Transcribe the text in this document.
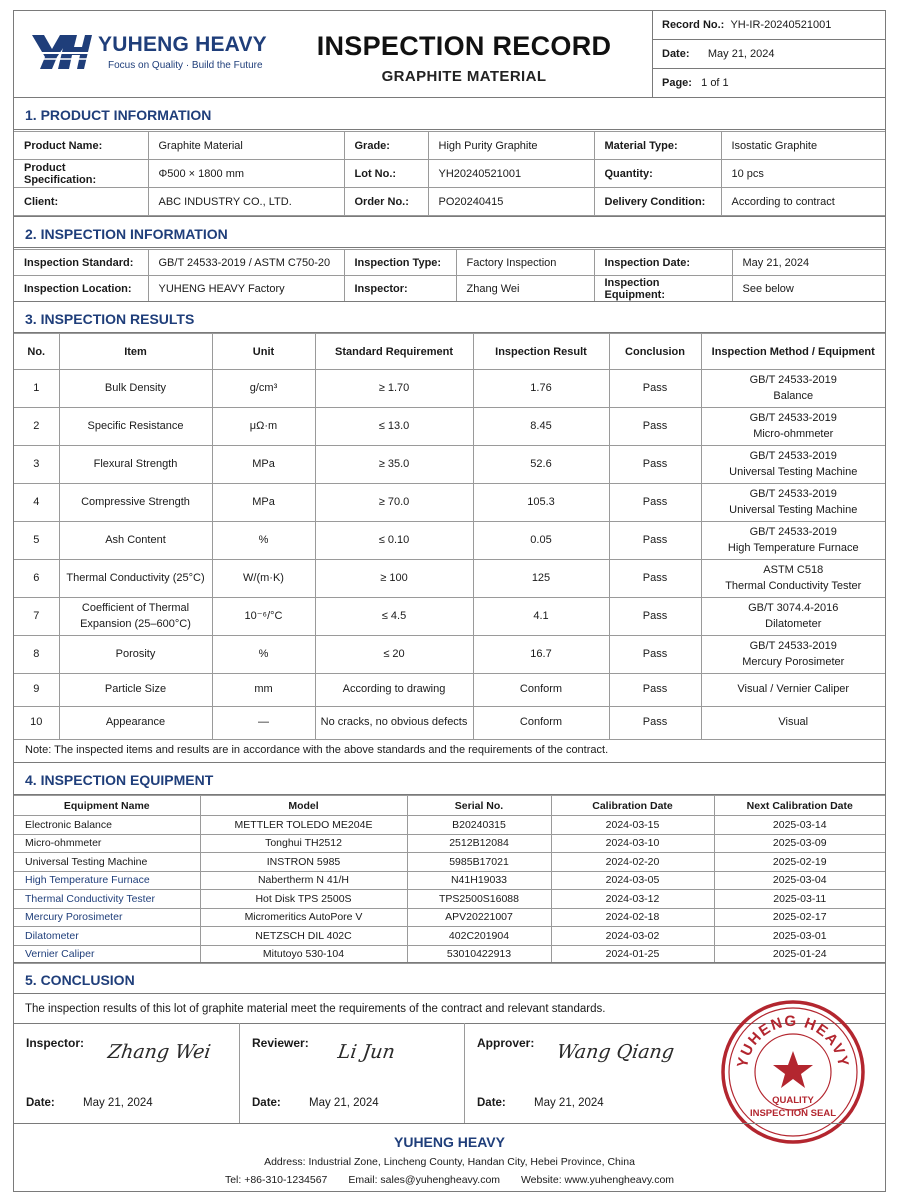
YUHENG HEAVY
Focus on Quality · Build the Future
INSPECTION RECORD
GRAPHITE MATERIAL
Record No.: YH-IR-20240521001
Date: May 21, 2024
Page: 1 of 1
1. PRODUCT INFORMATION
Product Name:	Graphite Material	Grade:	High Purity Graphite	Material Type:	Isostatic Graphite
Product Specification:	Φ500 × 1800 mm	Lot No.:	YH20240521001	Quantity:	10 pcs
Client:	ABC INDUSTRY CO., LTD.	Order No.:	PO20240415	Delivery Condition:	According to contract
2. INSPECTION INFORMATION
Inspection Standard:	GB/T 24533-2019 / ASTM C750-20	Inspection Type:	Factory Inspection	Inspection Date:	May 21, 2024
Inspection Location:	YUHENG HEAVY Factory	Inspector:	Zhang Wei	Inspection Equipment:	See below
3. INSPECTION RESULTS
No.	Item	Unit	Standard Requirement	Inspection Result	Conclusion	Inspection Method / Equipment
1	Bulk Density	g/cm³	≥ 1.70	1.76	Pass	GB/T 24533-2019
Balance

2	Specific Resistance	μΩ·m	≤ 13.0	8.45	Pass	GB/T 24533-2019
Micro-ohmmeter

3	Flexural Strength	MPa	≥ 35.0	52.6	Pass	GB/T 24533-2019
Universal Testing Machine

4	Compressive Strength	MPa	≥ 70.0	105.3	Pass	GB/T 24533-2019
Universal Testing Machine

5	Ash Content	%	≤ 0.10	0.05	Pass	GB/T 24533-2019
High Temperature Furnace

6	Thermal Conductivity (25°C)	W/(m·K)	≥ 100	125	Pass	ASTM C518
Thermal Conductivity Tester

7	Coefficient of Thermal Expansion (25–600°C)	10⁻⁶/°C	≤ 4.5	4.1	Pass	GB/T 3074.4-2016
Dilatometer

8	Porosity	%	≤ 20	16.7	Pass	GB/T 24533-2019
Mercury Porosimeter

9	Particle Size	mm	According to drawing	Conform	Pass	Visual / Vernier Caliper

10	Appearance	—	No cracks, no obvious defects	Conform	Pass	Visual
Note: The inspected items and results are in accordance with the above standards and the requirements of the contract.
4. INSPECTION EQUIPMENT
Equipment Name	Model	Serial No.	Calibration Date	Next Calibration Date
Electronic Balance	METTLER TOLEDO ME204E	B20240315	2024-03-15	2025-03-14
Micro-ohmmeter	Tonghui TH2512	2512B12084	2024-03-10	2025-03-09
Universal Testing Machine	INSTRON 5985	5985B17021	2024-02-20	2025-02-19
High Temperature Furnace	Nabertherm N 41/H	N41H19033	2024-03-05	2025-03-04
Thermal Conductivity Tester	Hot Disk TPS 2500S	TPS2500S16088	2024-03-12	2025-03-11
Mercury Porosimeter	Micromeritics AutoPore V	APV20221007	2024-02-18	2025-02-17
Dilatometer	NETZSCH DIL 402C	402C201904	2024-03-02	2025-03-01
Vernier Caliper	Mitutoyo 530-104	53010422913	2024-01-25	2025-01-24
5. CONCLUSION
The inspection results of this lot of graphite material meet the requirements of the contract and relevant standards.
Inspector: Zhang Wei
Date: May 21, 2024
Reviewer: Li Jun
Date: May 21, 2024
Approver: Wang Qiang
Date: May 21, 2024
YUHENG HEAVY
QUALITY
INSPECTION SEAL
YUHENG HEAVY
Address: Industrial Zone, Lincheng County, Handan City, Hebei Province, China
Tel: +86-310-1234567 Email: sales@yuhengheavy.com Website: www.yuhengheavy.com
